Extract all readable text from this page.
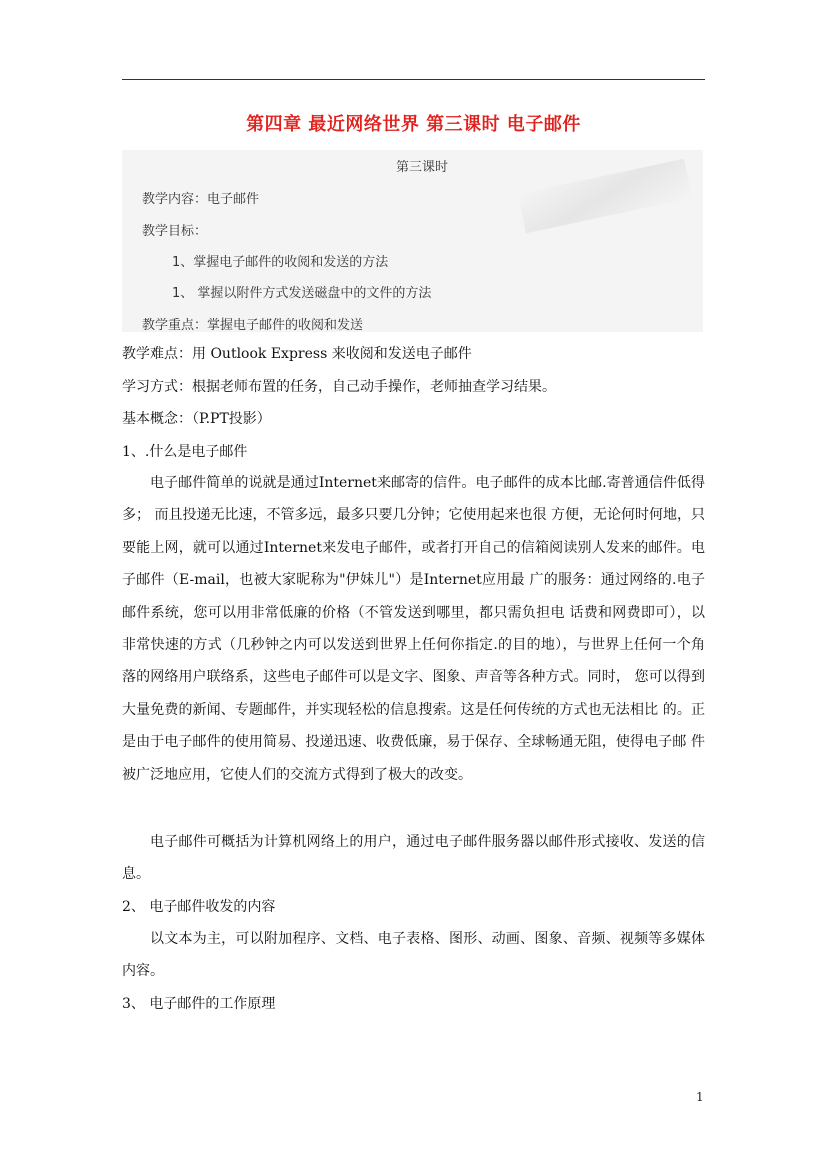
第四章 最近网络世界 第三课时 电子邮件
第三课时
教学内容：电子邮件
教学目标：
1、掌握电子邮件的收阅和发送的方法
1、 掌握以附件方式发送磁盘中的文件的方法
教学重点：掌握电子邮件的收阅和发送
教学难点：用 Outlook Express 来收阅和发送电子邮件
学习方式：根据老师布置的任务，自己动手操作，老师抽查学习结果。
基本概念：（P.PT投影）
1、.什么是电子邮件
电子邮件简单的说就是通过Internet来邮寄的信件。电子邮件的成本比邮.寄普通信件低得多； 而且投递无比速，不管多远，最多只要几分钟；它使用起来也很 方便，无论何时何地，只要能上网，就可以通过Internet来发电子邮件，或者打开自己的信箱阅读别人发来的邮件。电子邮件（E-mail，也被大家昵称为"伊妹儿"）是Internet应用最 广的服务：通过网络的.电子邮件系统，您可以用非常低廉的价格（不管发送到哪里，都只需负担电 话费和网费即可），以非常快速的方式（几秒钟之内可以发送到世界上任何你指定.的目的地），与世界上任何一个角落的网络用户联络系，这些电子邮件可以是文字、图象、声音等各种方式。同时， 您可以得到大量免费的新闻、专题邮件，并实现轻松的信息搜索。这是任何传统的方式也无法相比 的。正是由于电子邮件的使用简易、投递迅速、收费低廉，易于保存、全球畅通无阻，使得电子邮 件被广泛地应用，它使人们的交流方式得到了极大的改变。
电子邮件可概括为计算机网络上的用户，通过电子邮件服务器以邮件形式接收、发送的信息。
2、 电子邮件收发的内容
以文本为主，可以附加程序、文档、电子表格、图形、动画、图象、音频、视频等多媒体内容。
3、 电子邮件的工作原理
1
